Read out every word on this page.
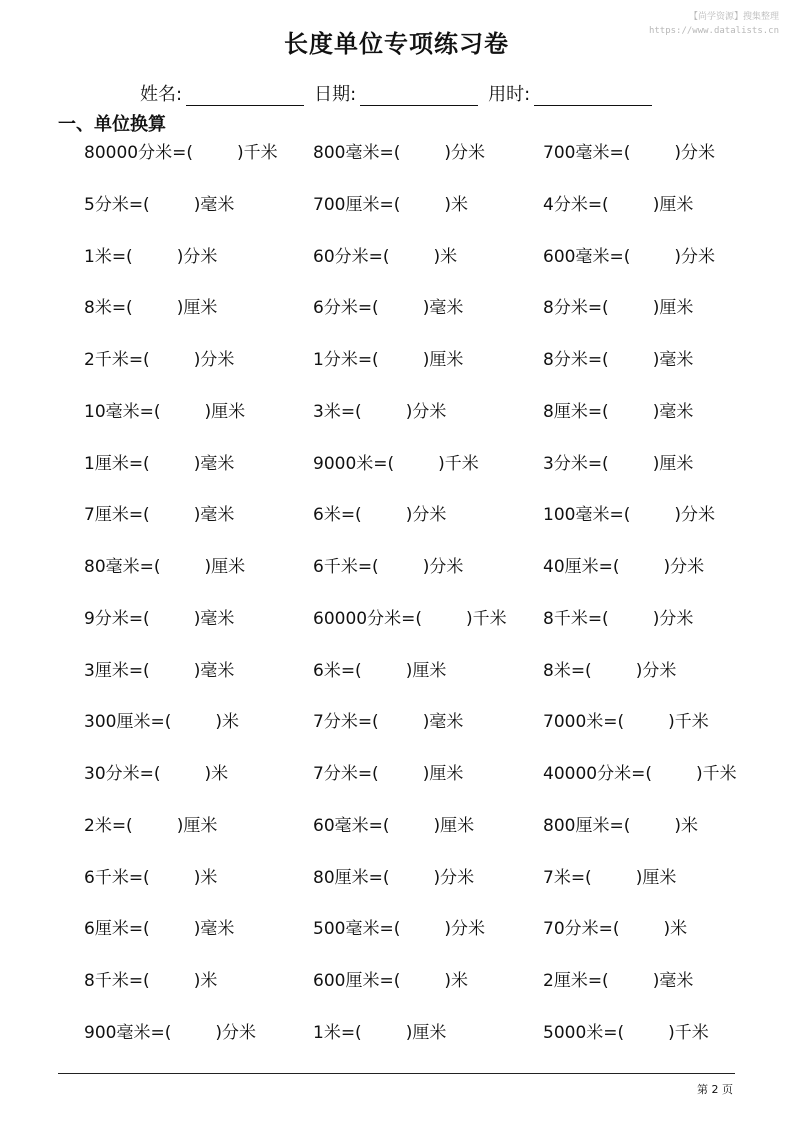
【尚学资源】搜集整理
https://www.datalists.cn
长度单位专项练习卷
姓名:	日期:	用时:
一、单位换算
80000分米=(	)千米 800毫米=(	)分米	700毫米=(	)分米
5分米=(	)毫米	700厘米=(	)米	4分米=(	)厘米
1米=(	)分米	60分米=(	)米	600毫米=(	)分米
8米=(	)厘米	6分米=(	)毫米	8分米=(	)厘米
2千米=(	)分米	1分米=(	)厘米	8分米=(	)毫米
10毫米=(	)厘米	3米=(	)分米	8厘米=(	)毫米
1厘米=(	)毫米	9000米=(	)千米	3分米=(	)厘米
7厘米=(	)毫米	6米=(	)分米	100毫米=(	)分米
80毫米=(	)厘米	6千米=(	)分米	40厘米=(	)分米
9分米=(	)毫米	60000分米=(	)千米 8千米=(	)分米
3厘米=(	)毫米	6米=(	)厘米	8米=(	)分米
300厘米=(	)米	7分米=(	)毫米	7000米=(	)千米
30分米=(	)米	7分米=(	)厘米	40000分米=(	)千米
2米=(	)厘米	60毫米=(	)厘米	800厘米=(	)米
6千米=(	)米	80厘米=(	)分米	7米=(	)厘米
6厘米=(	)毫米	500毫米=(	)分米	70分米=(	)米
8千米=(	)米	600厘米=(	)米	2厘米=(	)毫米
900毫米=(	)分米	1米=(	)厘米	5000米=(	)千米
第 2 页
